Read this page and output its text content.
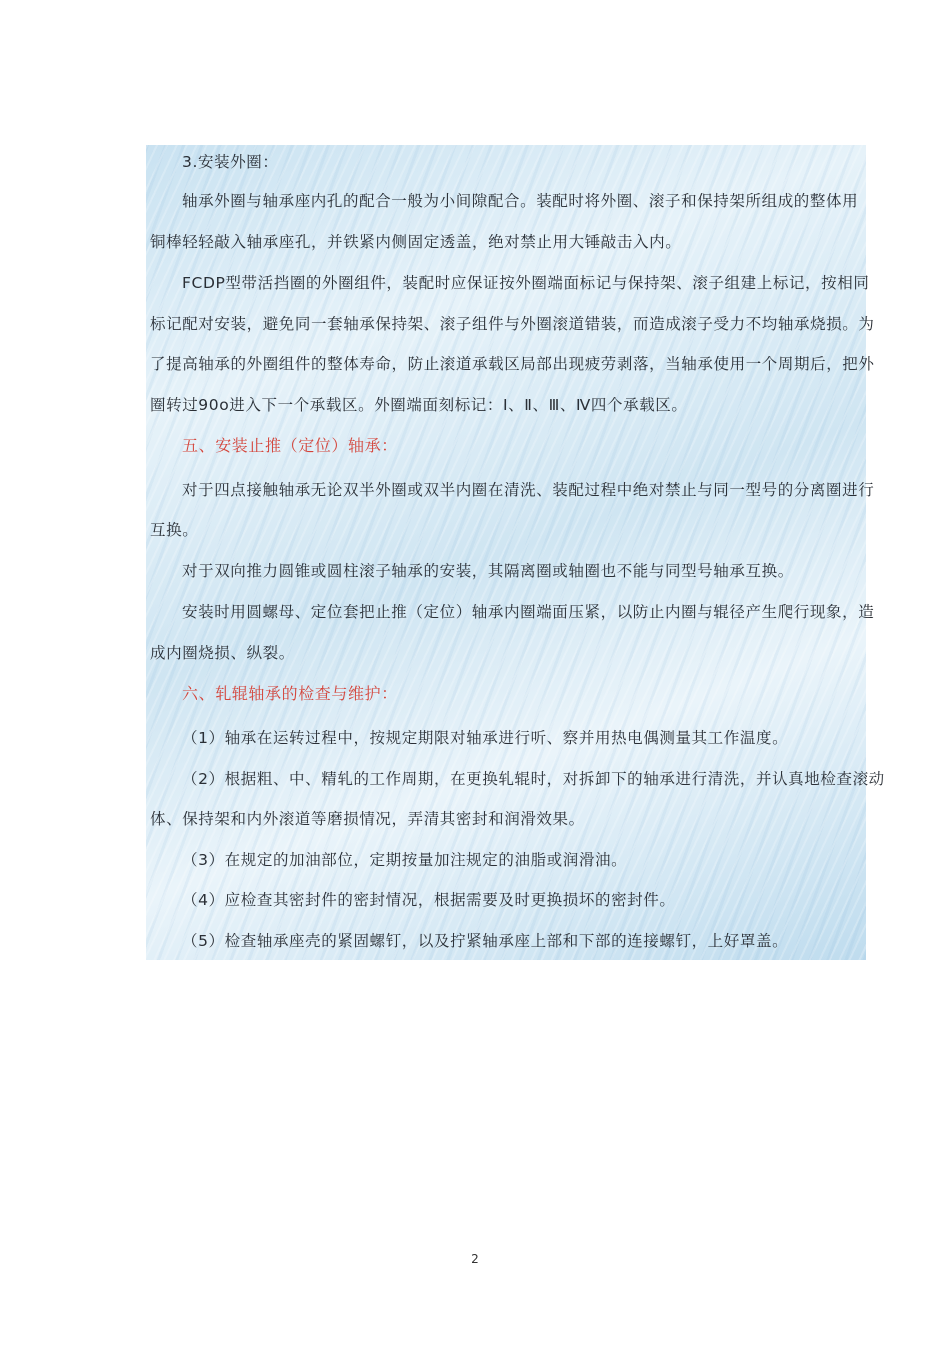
3.安装外圈：
轴承外圈与轴承座内孔的配合一般为小间隙配合。装配时将外圈、滚子和保持架所组成的整体用
铜棒轻轻敲入轴承座孔，并铁紧内侧固定透盖，绝对禁止用大锤敲击入内。
FCDP型带活挡圈的外圈组件，装配时应保证按外圈端面标记与保持架、滚子组建上标记，按相同
标记配对安装，避免同一套轴承保持架、滚子组件与外圈滚道错装，而造成滚子受力不均轴承烧损。为
了提高轴承的外圈组件的整体寿命，防止滚道承载区局部出现疲劳剥落，当轴承使用一个周期后，把外
圈转过90o进入下一个承载区。外圈端面刻标记：Ⅰ、Ⅱ、Ⅲ、Ⅳ四个承载区。
五、安装止推（定位）轴承：
对于四点接触轴承无论双半外圈或双半内圈在清洗、装配过程中绝对禁止与同一型号的分离圈进行
互换。
对于双向推力圆锥或圆柱滚子轴承的安装，其隔离圈或轴圈也不能与同型号轴承互换。
安装时用圆螺母、定位套把止推（定位）轴承内圈端面压紧，以防止内圈与辊径产生爬行现象，造
成内圈烧损、纵裂。
六、轧辊轴承的检查与维护：
（1）轴承在运转过程中，按规定期限对轴承进行听、察并用热电偶测量其工作温度。
（2）根据粗、中、精轧的工作周期，在更换轧辊时，对拆卸下的轴承进行清洗，并认真地检查滚动
体、保持架和内外滚道等磨损情况，弄清其密封和润滑效果。
（3）在规定的加油部位，定期按量加注规定的油脂或润滑油。
（4）应检查其密封件的密封情况，根据需要及时更换损坏的密封件。
（5）检查轴承座壳的紧固螺钉，以及拧紧轴承座上部和下部的连接螺钉，上好罩盖。
2
